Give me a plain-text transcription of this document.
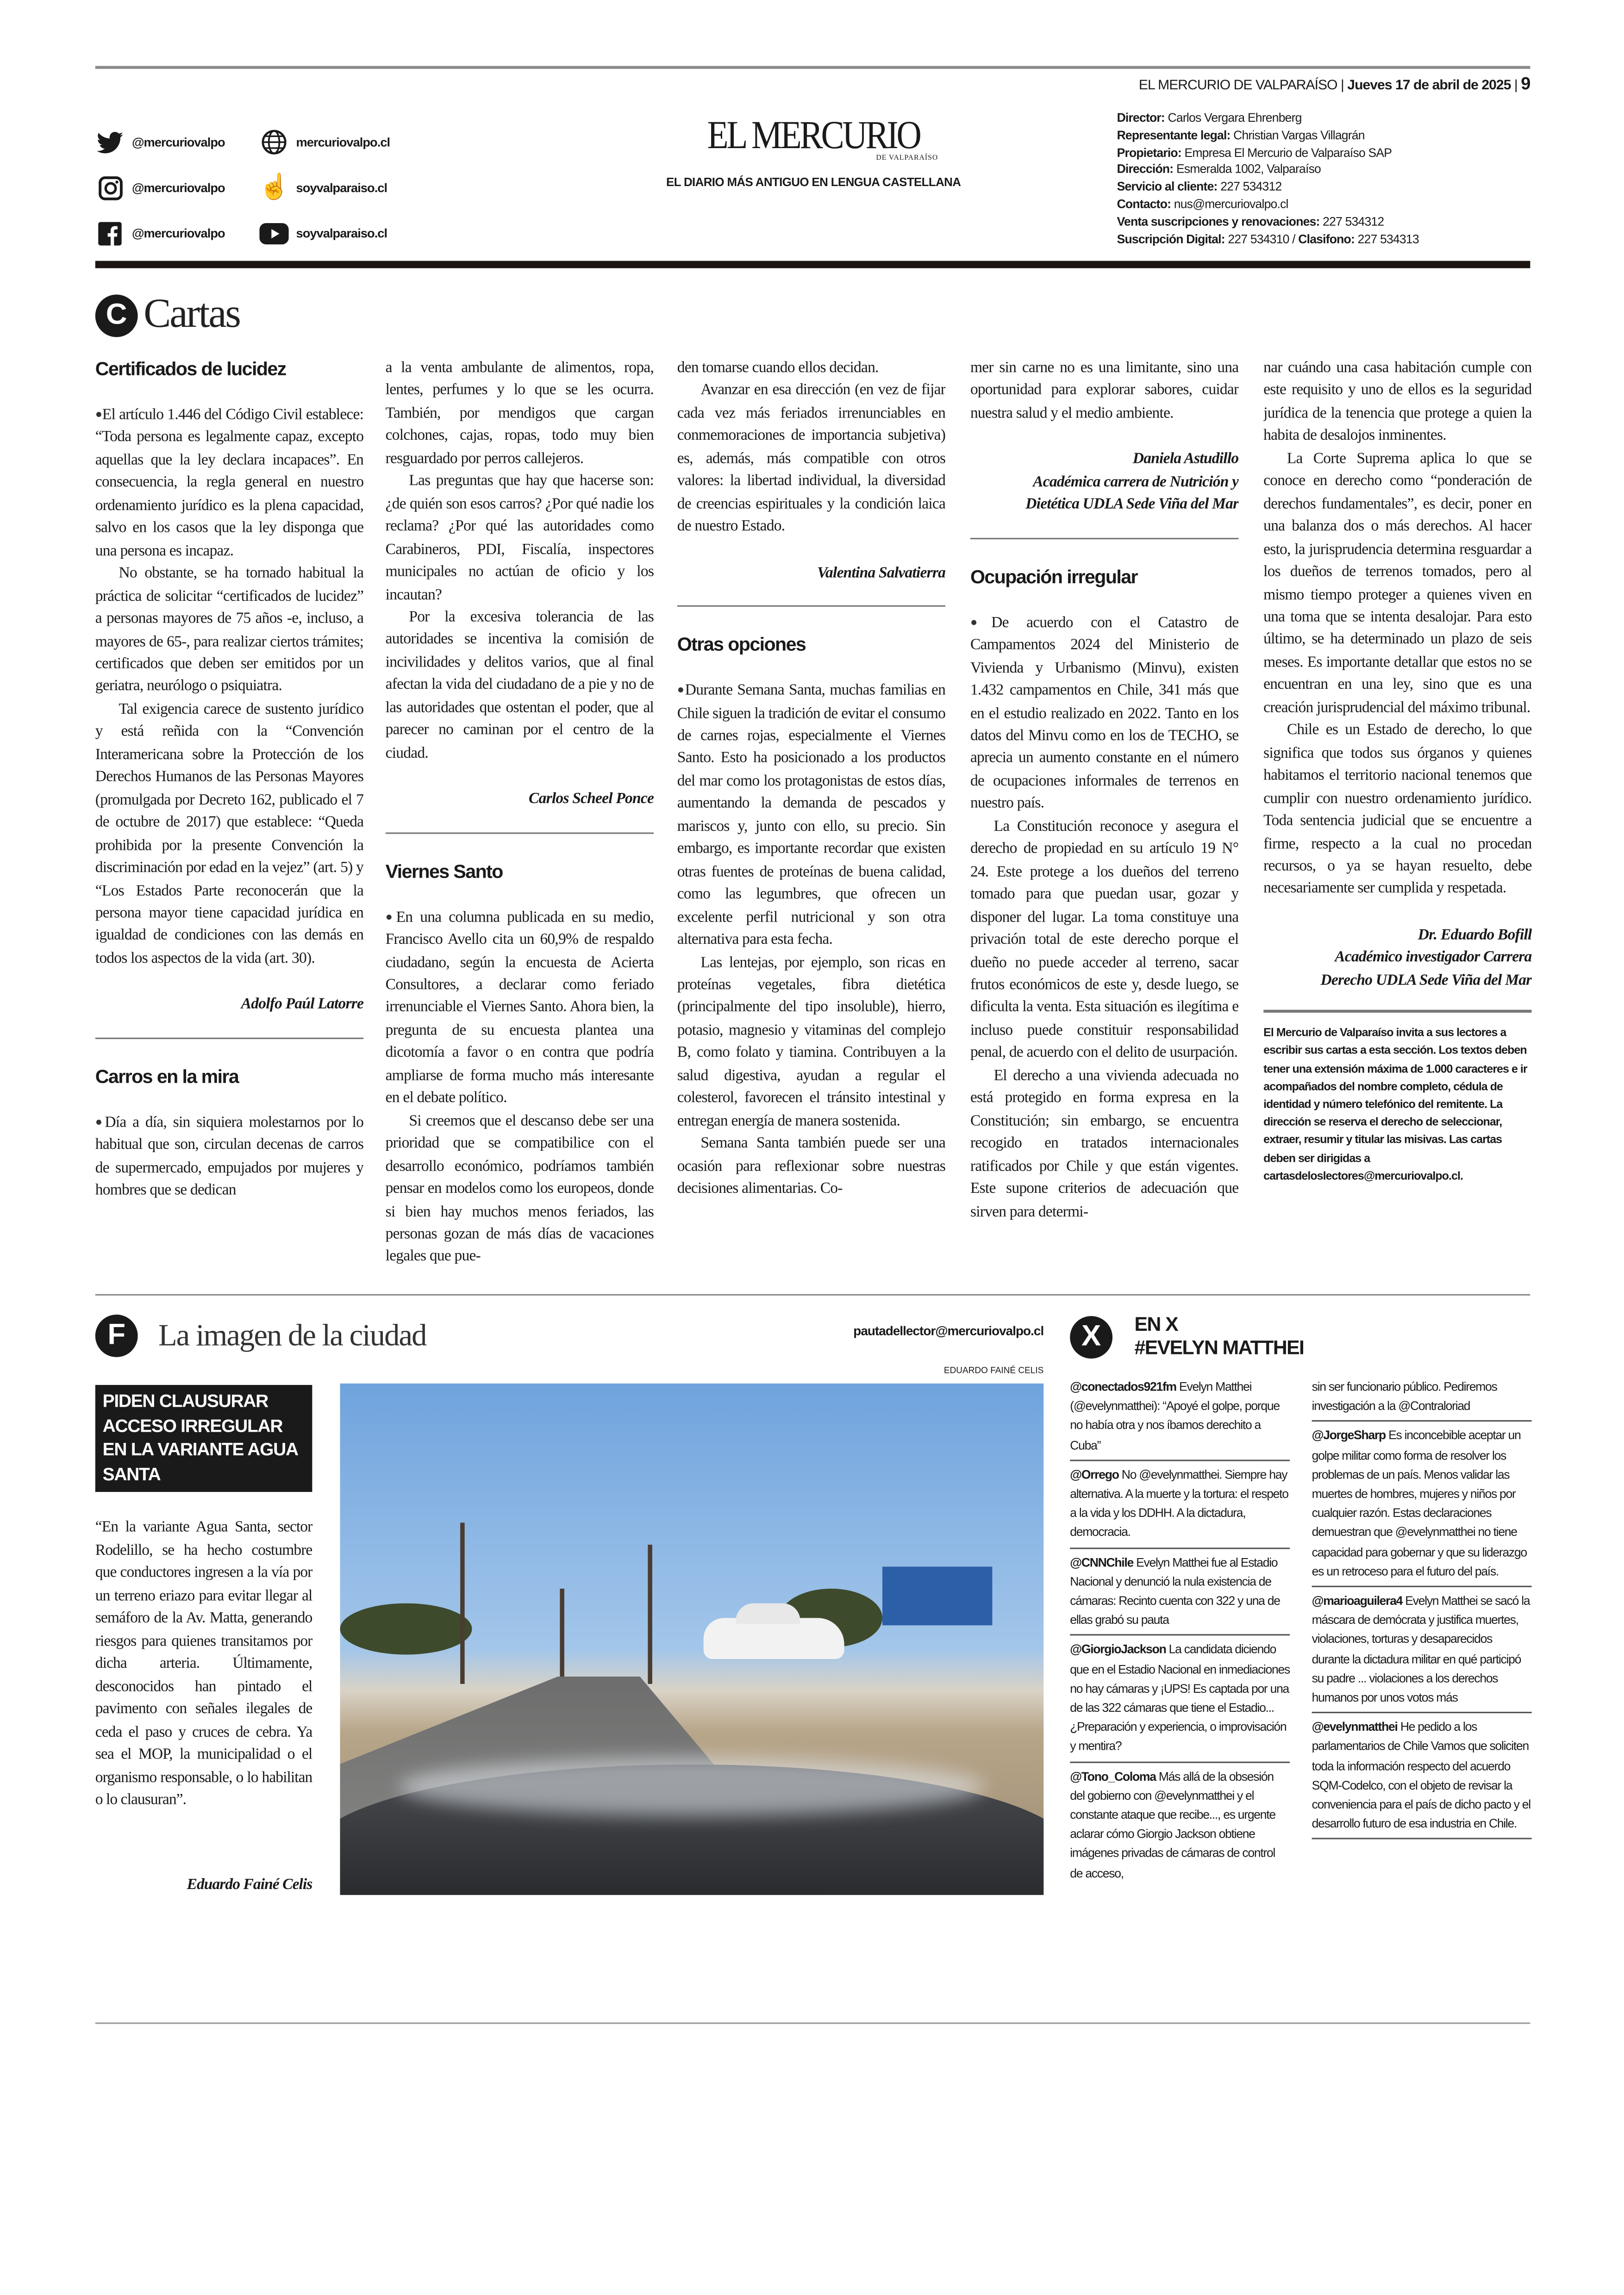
EL MERCURIO DE VALPARAÍSO | Jueves 17 de abril de 2025 | 9
@mercuriovalpo	mercuriovalpo.cl
@mercuriovalpo	☝ soyvalparaiso.cl
@mercuriovalpo	soyvalparaiso.cl
EL MERCURIO
DE VALPARAÍSO
EL DIARIO MÁS ANTIGUO EN LENGUA CASTELLANA
Director: Carlos Vergara Ehrenberg
Representante legal: Christian Vargas Villagrán
Propietario: Empresa El Mercurio de Valparaíso SAP
Dirección: Esmeralda 1002, Valparaíso
Servicio al cliente: 227 534312
Contacto: nus@mercuriovalpo.cl
Venta suscripciones y renovaciones: 227 534312
Suscripción Digital: 227 534310 / Clasifono: 227 534313
C	Cartas
Certificados de lucidez

● El artículo 1.446 del Código Civil establece: “Toda persona es legalmente capaz, excepto aquellas que la ley declara incapaces”. En consecuencia, la regla general en nuestro ordenamiento jurídico es la plena capacidad, salvo en los casos que la ley disponga que una persona es incapaz.

No obstante, se ha tornado habitual la práctica de solicitar “certificados de lucidez” a personas mayores de 75 años -e, incluso, a mayores de 65-, para realizar ciertos trámites; certificados que deben ser emitidos por un geriatra, neurólogo o psiquiatra.

Tal exigencia carece de sustento jurídico y está reñida con la “Convención Interamericana sobre la Protección de los Derechos Humanos de las Personas Mayores (promulgada por Decreto 162, publicado el 7 de octubre de 2017) que establece: “Queda prohibida por la presente Convención la discriminación por edad en la vejez” (art. 5) y “Los Estados Parte reconocerán que la persona mayor tiene capacidad jurídica en igualdad de condiciones con las demás en todos los aspectos de la vida (art. 30).

Adolfo Paúl Latorre
Carros en la mira

● Día a día, sin siquiera molestarnos por lo habitual que son, circulan decenas de carros de supermercado, empujados por mujeres y hombres que se dedican

a la venta ambulante de alimentos, ropa, lentes, perfumes y lo que se les ocurra. También, por mendigos que cargan colchones, cajas, ropas, todo muy bien resguardado por perros callejeros.

Las preguntas que hay que hacerse son: ¿de quién son esos carros? ¿Por qué nadie los reclama? ¿Por qué las autoridades como Carabineros, PDI, Fiscalía, inspectores municipales no actúan de oficio y los incautan?

Por la excesiva tolerancia de las autoridades se incentiva la comisión de incivilidades y delitos varios, que al final afectan la vida del ciudadano de a pie y no de las autoridades que ostentan el poder, que al parecer no caminan por el centro de la ciudad.

Carlos Scheel Ponce
Viernes Santo

● En una columna publicada en su medio, Francisco Avello cita un 60,9% de respaldo ciudadano, según la encuesta de Acierta Consultores, a declarar como feriado irrenunciable el Viernes Santo. Ahora bien, la pregunta de su encuesta plantea una dicotomía a favor o en contra que podría ampliarse de forma mucho más interesante en el debate político.

Si creemos que el descanso debe ser una prioridad que se compatibilice con el desarrollo económico, podríamos también pensar en modelos como los europeos, donde si bien hay muchos menos feriados, las personas gozan de más días de vacaciones legales que pue-

den tomarse cuando ellos decidan.

Avanzar en esa dirección (en vez de fijar cada vez más feriados irrenunciables en conmemoraciones de importancia subjetiva) es, además, más compatible con otros valores: la libertad individual, la diversidad de creencias espirituales y la condición laica de nuestro Estado.

Valentina Salvatierra
Otras opciones

● Durante Semana Santa, muchas familias en Chile siguen la tradición de evitar el consumo de carnes rojas, especialmente el Viernes Santo. Esto ha posicionado a los productos del mar como los protagonistas de estos días, aumentando la demanda de pescados y mariscos y, junto con ello, su precio. Sin embargo, es importante recordar que existen otras fuentes de proteínas de buena calidad, como las legumbres, que ofrecen un excelente perfil nutricional y son otra alternativa para esta fecha.

Las lentejas, por ejemplo, son ricas en proteínas vegetales, fibra dietética (principalmente del tipo insoluble), hierro, potasio, magnesio y vitaminas del complejo B, como folato y tiamina. Contribuyen a la salud digestiva, ayudan a regular el colesterol, favorecen el tránsito intestinal y entregan energía de manera sostenida.

Semana Santa también puede ser una ocasión para reflexionar sobre nuestras decisiones alimentarias. Co-

mer sin carne no es una limitante, sino una oportunidad para explorar sabores, cuidar nuestra salud y el medio ambiente.

Daniela Astudillo
Académica carrera de Nutrición y
Dietética UDLA Sede Viña del Mar
Ocupación irregular

● De acuerdo con el Catastro de Campamentos 2024 del Ministerio de Vivienda y Urbanismo (Minvu), existen 1.432 campamentos en Chile, 341 más que en el estudio realizado en 2022. Tanto en los datos del Minvu como en los de TECHO, se aprecia un aumento constante en el número de ocupaciones informales de terrenos en nuestro país.

La Constitución reconoce y asegura el derecho de propiedad en su artículo 19 N° 24. Este protege a los dueños del terreno tomado para que puedan usar, gozar y disponer del lugar. La toma constituye una privación total de este derecho porque el dueño no puede acceder al terreno, sacar frutos económicos de este y, desde luego, se dificulta la venta. Esta situación es ilegítima e incluso puede constituir responsabilidad penal, de acuerdo con el delito de usurpación.

El derecho a una vivienda adecuada no está protegido en forma expresa en la Constitución; sin embargo, se encuentra recogido en tratados internacionales ratificados por Chile y que están vigentes. Este supone criterios de adecuación que sirven para determi-

nar cuándo una casa habitación cumple con este requisito y uno de ellos es la seguridad jurídica de la tenencia que protege a quien la habita de desalojos inminentes.

La Corte Suprema aplica lo que se conoce en derecho como “ponderación de derechos fundamentales”, es decir, poner en una balanza dos o más derechos. Al hacer esto, la jurisprudencia determina resguardar a los dueños de terrenos tomados, pero al mismo tiempo proteger a quienes viven en una toma que se intenta desalojar. Para esto último, se ha determinado un plazo de seis meses. Es importante detallar que estos no se encuentran en una ley, sino que es una creación jurisprudencial del máximo tribunal.

Chile es un Estado de derecho, lo que significa que todos sus órganos y quienes habitamos el territorio nacional tenemos que cumplir con nuestro ordenamiento jurídico. Toda sentencia judicial que se encuentre a firme, respecto a la cual no procedan recursos, o ya se hayan resuelto, debe necesariamente ser cumplida y respetada.

Dr. Eduardo Bofill
Académico investigador Carrera
Derecho UDLA Sede Viña del Mar
El Mercurio de Valparaíso invita a sus lectores a escribir sus cartas a esta sección. Los textos deben tener una extensión máxima de 1.000 caracteres e ir acompañados del nombre completo, cédula de identidad y número telefónico del remitente. La dirección se reserva el derecho de seleccionar, extraer, resumir y titular las misivas. Las cartas deben ser dirigidas a cartasdeloslectores@mercuriovalpo.cl.
F	La imagen de la ciudad	pautadellector@mercuriovalpo.cl
EDUARDO FAINÉ CELIS
PIDEN CLAUSURAR ACCESO IRREGULAR EN LA VARIANTE AGUA SANTA
“En la variante Agua Santa, sector Rodelillo, se ha hecho costumbre que conductores ingresen a la vía por un terreno eriazo para evitar llegar al semáforo de la Av. Matta, generando riesgos para quienes transitamos por dicha arteria. Últimamente, desconocidos han pintado el pavimento con señales ilegales de ceda el paso y cruces de cebra. Ya sea el MOP, la municipalidad o el organismo responsable, o lo habilitan o lo clausuran”.
Eduardo Fainé Celis
X	EN X
#EVELYN MATTHEI
@conectados921fm Evelyn Matthei (@evelynmatthei): “Apoyé el golpe, porque no había otra y nos íbamos derechito a Cuba”
@Orrego No @evelynmatthei. Siempre hay alternativa. A la muerte y la tortura: el respeto a la vida y los DDHH. A la dictadura, democracia.
@CNNChile Evelyn Matthei fue al Estadio Nacional y denunció la nula existencia de cámaras: Recinto cuenta con 322 y una de ellas grabó su pauta
@GiorgioJackson La candidata diciendo que en el Estadio Nacional en inmediaciones no hay cámaras y ¡UPS! Es captada por una de las 322 cámaras que tiene el Estadio... ¿Preparación y experiencia, o improvisación y mentira?
@Tono_Coloma Más allá de la obsesión del gobierno con @evelynmatthei y el constante ataque que recibe..., es urgente aclarar cómo Giorgio Jackson obtiene imágenes privadas de cámaras de control de acceso,
sin ser funcionario público. Pediremos investigación a la @Contraloriad
@JorgeSharp Es inconcebible aceptar un golpe militar como forma de resolver los problemas de un país. Menos validar las muertes de hombres, mujeres y niños por cualquier razón. Estas declaraciones demuestran que @evelynmatthei no tiene capacidad para gobernar y que su liderazgo es un retroceso para el futuro del país.
@marioaguilera4 Evelyn Matthei se sacó la máscara de demócrata y justifica muertes, violaciones, torturas y desaparecidos durante la dictadura militar en qué participó su padre ... violaciones a los derechos humanos por unos votos más
@evelynmatthei He pedido a los parlamentarios de Chile Vamos que soliciten toda la información respecto del acuerdo SQM-Codelco, con el objeto de revisar la conveniencia para el país de dicho pacto y el desarrollo futuro de esa industria en Chile.
